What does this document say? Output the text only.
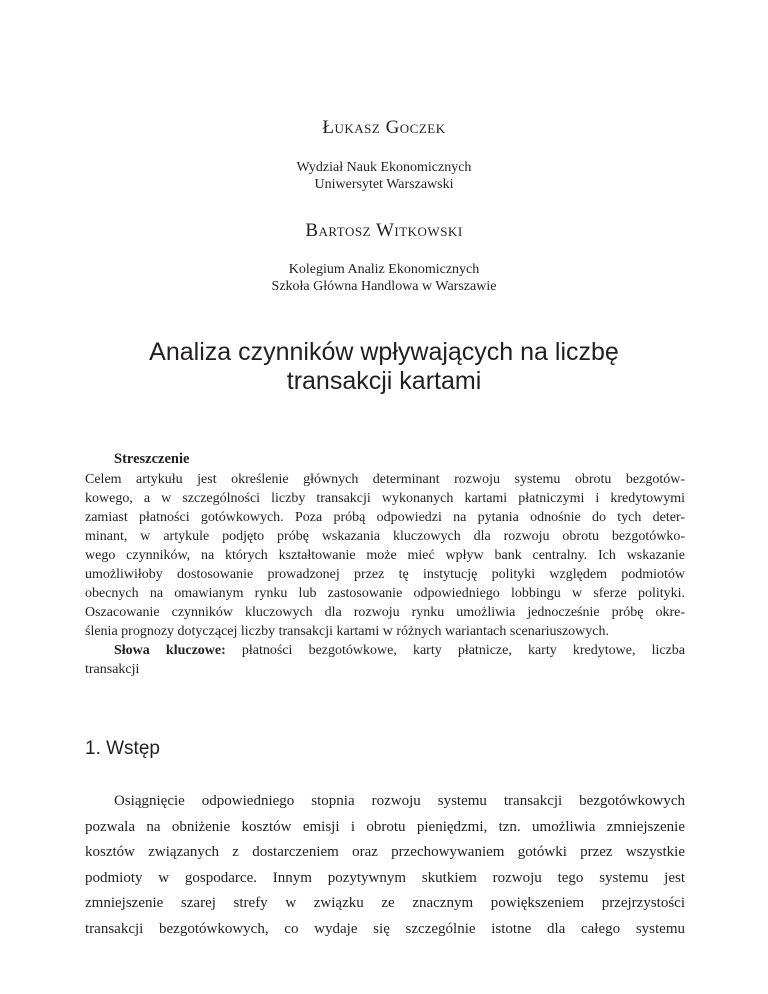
Łukasz Goczek
Wydział Nauk Ekonomicznych
Uniwersytet Warszawski
Bartosz Witkowski
Kolegium Analiz Ekonomicznych
Szkoła Główna Handlowa w Warszawie
Analiza czynników wpływających na liczbę
transakcji kartami
Streszczenie
Celem artykułu jest określenie głównych determinant rozwoju systemu obrotu bezgotów-
kowego, a w szczególności liczby transakcji wykonanych kartami płatniczymi i kredytowymi
zamiast płatności gotówkowych. Poza próbą odpowiedzi na pytania odnośnie do tych deter-
minant, w artykule podjęto próbę wskazania kluczowych dla rozwoju obrotu bezgotówko-
wego czynników, na których kształtowanie może mieć wpływ bank centralny. Ich wskazanie
umożliwiłoby dostosowanie prowadzonej przez tę instytucję polityki względem podmiotów
obecnych na omawianym rynku lub zastosowanie odpowiedniego lobbingu w sferze polityki.
Oszacowanie czynników kluczowych dla rozwoju rynku umożliwia jednocześnie próbę okre-
ślenia prognozy dotyczącej liczby transakcji kartami w różnych wariantach scenariuszowych.
Słowa kluczowe: płatności bezgotówkowe, karty płatnicze, karty kredytowe, liczba
transakcji
1. Wstęp
Osiągnięcie odpowiedniego stopnia rozwoju systemu transakcji bezgotówkowych
pozwala na obniżenie kosztów emisji i obrotu pieniędzmi, tzn. umożliwia zmniejszenie
kosztów związanych z dostarczeniem oraz przechowywaniem gotówki przez wszystkie
podmioty w gospodarce. Innym pozytywnym skutkiem rozwoju tego systemu jest
zmniejszenie szarej strefy w związku ze znacznym powiększeniem przejrzystości
transakcji bezgotówkowych, co wydaje się szczególnie istotne dla całego systemu
